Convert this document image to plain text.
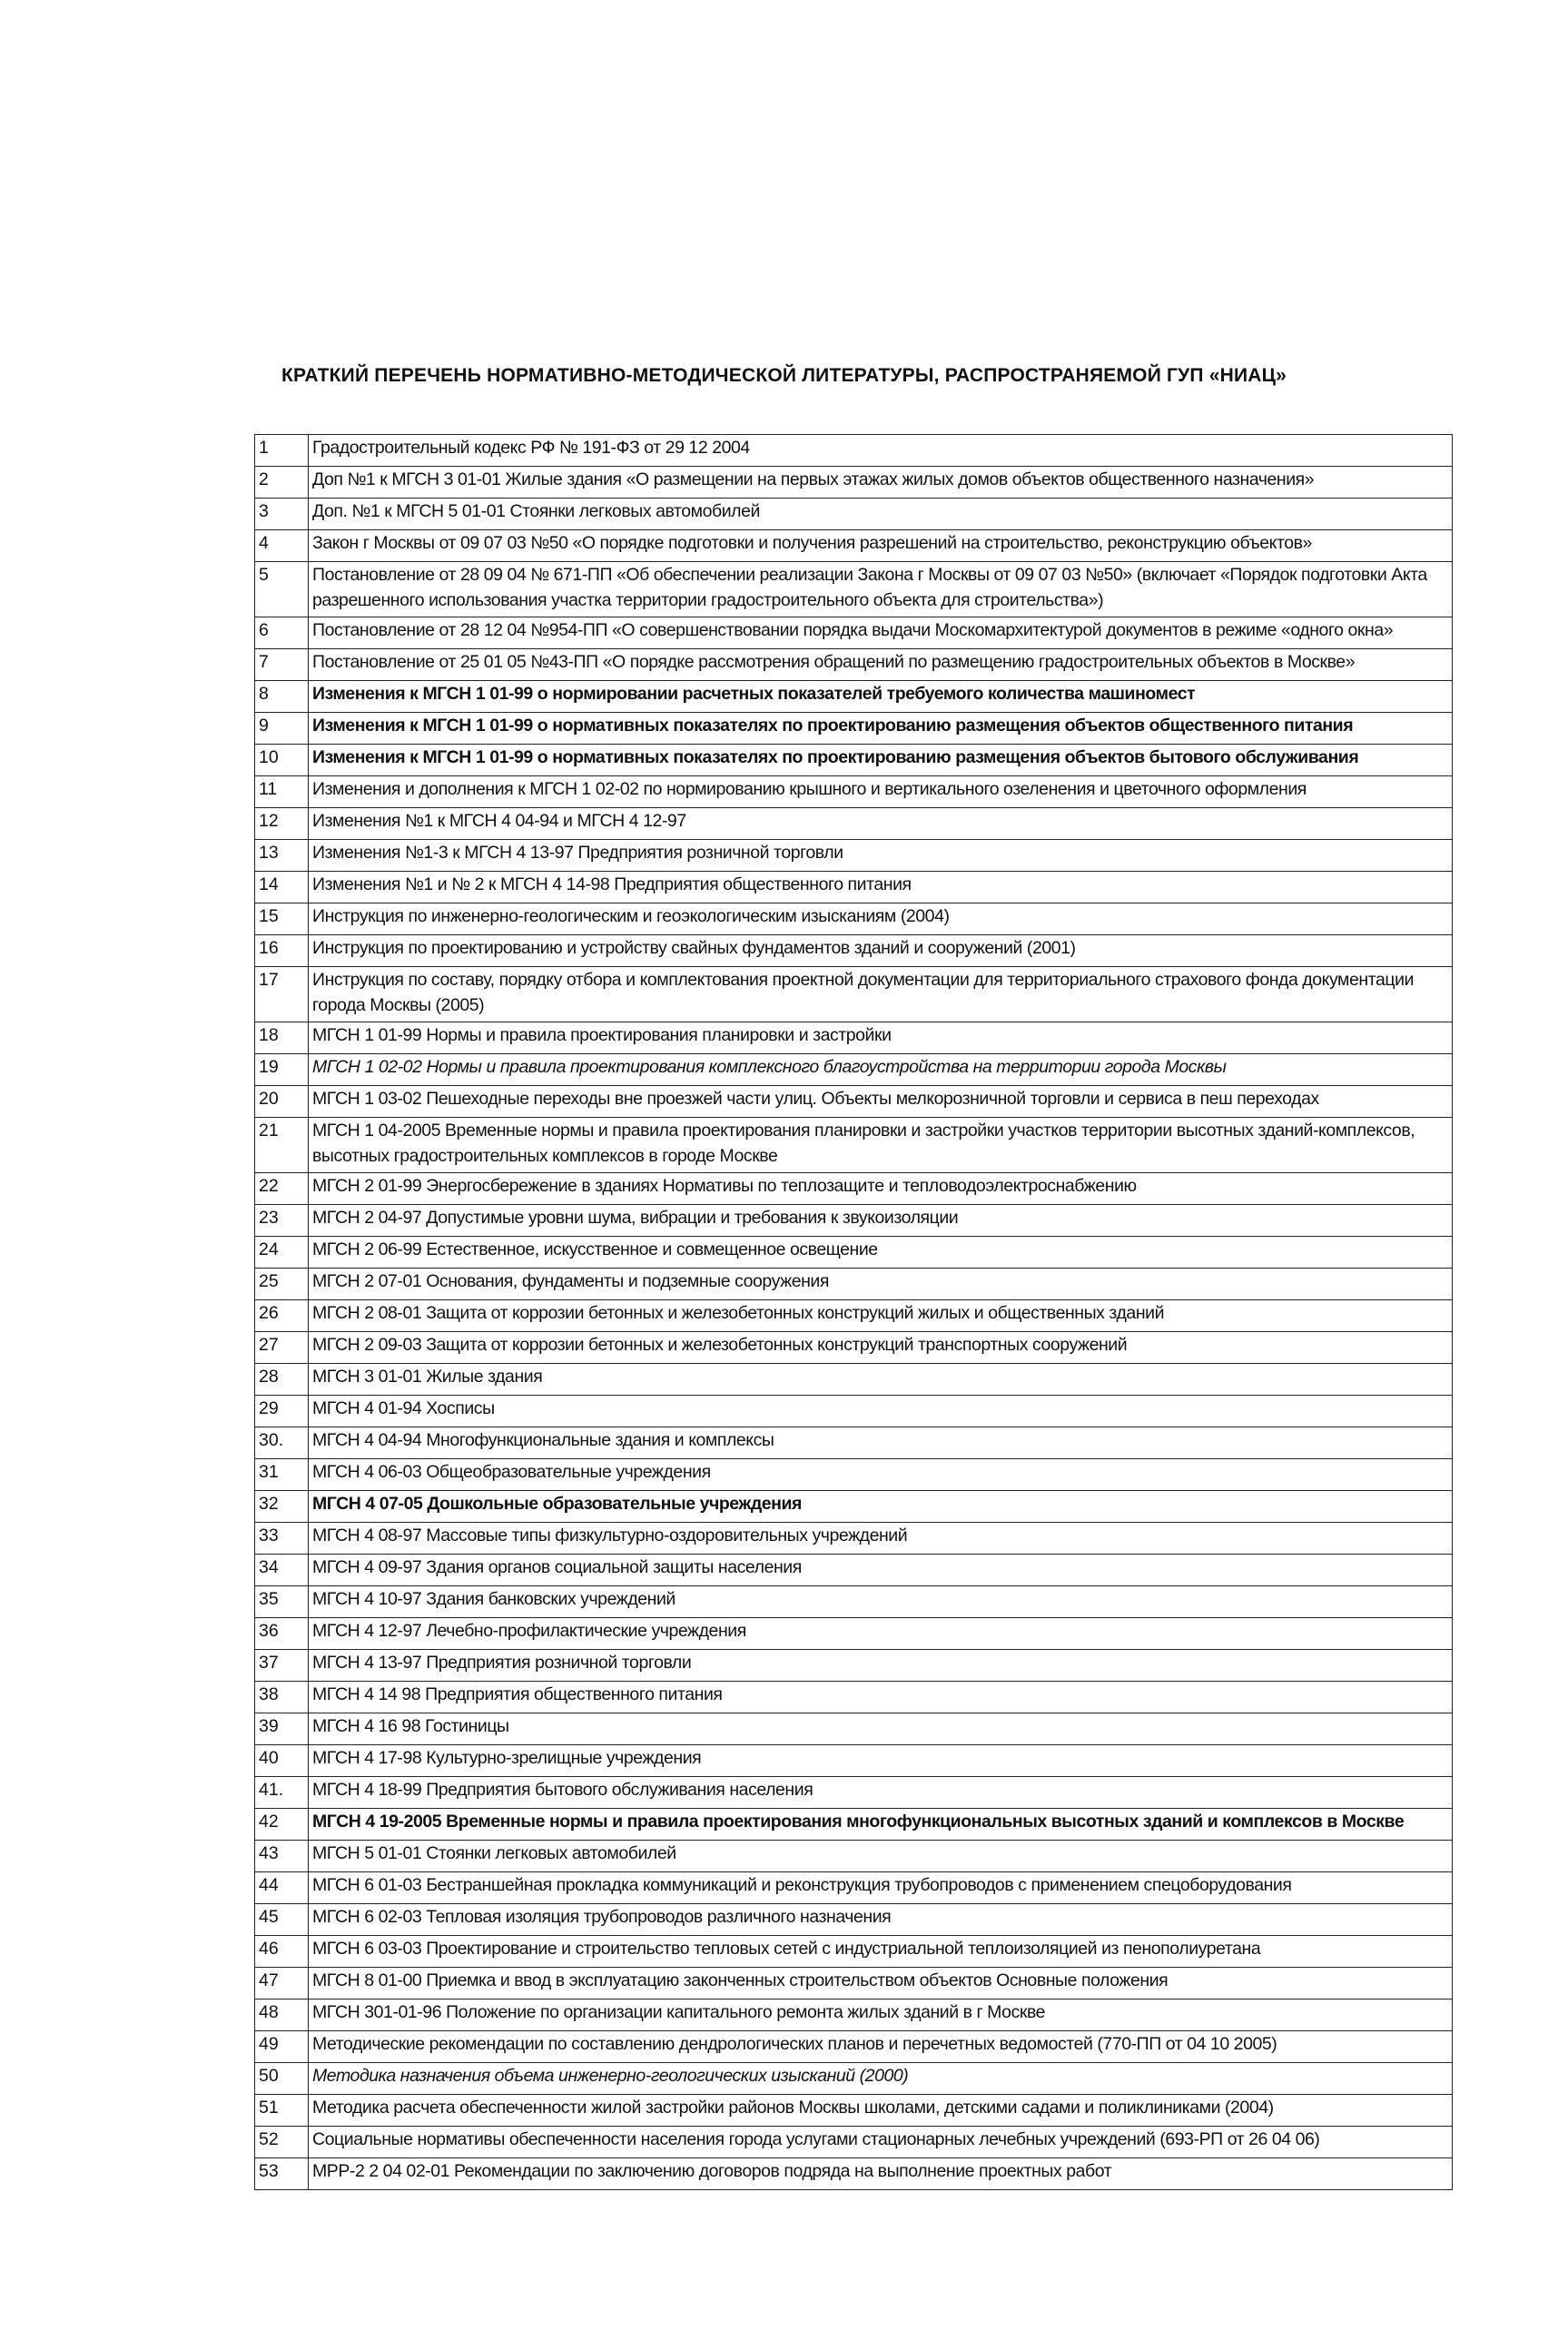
КРАТКИЙ ПЕРЕЧЕНЬ НОРМАТИВНО-МЕТОДИЧЕСКОЙ ЛИТЕРАТУРЫ, РАСПРОСТРАНЯЕМОЙ ГУП «НИАЦ»
1	Градостроительный кодекс РФ № 191-ФЗ от 29 12 2004
2	Доп №1 к МГСН 3 01-01 Жилые здания «О размещении на первых этажах жилых домов объектов общественного назначения»
3	Доп. №1 к МГСН 5 01-01 Стоянки легковых автомобилей
4	Закон г Москвы от 09 07 03 №50 «О порядке подготовки и получения разрешений на строительство, реконструкцию объектов»
5	Постановление от 28 09 04 № 671-ПП «Об обеспечении реализации Закона г Москвы от 09 07 03 №50» (включает «Порядок подготовки Акта разрешенного использования участка территории градостроительного объекта для строительства»)
6	Постановление от 28 12 04 №954-ПП «О совершенствовании порядка выдачи Москомархитектурой документов в режиме «одного окна»
7	Постановление от 25 01 05 №43-ПП «О порядке рассмотрения обращений по размещению градостроительных объектов в Москве»
8	Изменения к МГСН 1 01-99 о нормировании расчетных показателей требуемого количества машиномест
9	Изменения к МГСН 1 01-99 о нормативных показателях по проектированию размещения объектов общественного питания
10	Изменения к МГСН 1 01-99 о нормативных показателях по проектированию размещения объектов бытового обслуживания
11	Изменения и дополнения к МГСН 1 02-02 по нормированию крышного и вертикального озеленения и цветочного оформления
12	Изменения №1 к МГСН 4 04-94 и МГСН 4 12-97
13	Изменения №1-3 к МГСН 4 13-97 Предприятия розничной торговли
14	Изменения №1 и № 2 к МГСН 4 14-98 Предприятия общественного питания
15	Инструкция по инженерно-геологическим и геоэкологическим изысканиям (2004)
16	Инструкция по проектированию и устройству свайных фундаментов зданий и сооружений (2001)
17	Инструкция по составу, порядку отбора и комплектования проектной документации для территориального страхового фонда документации города Москвы (2005)
18	МГСН 1 01-99 Нормы и правила проектирования планировки и застройки
19	МГСН 1 02-02 Нормы и правила проектирования комплексного благоустройства на территории города Москвы
20	МГСН 1 03-02 Пешеходные переходы вне проезжей части улиц. Объекты мелкорозничной торговли и сервиса в пеш переходах
21	МГСН 1 04-2005 Временные нормы и правила проектирования планировки и застройки участков территории высотных зданий-комплексов, высотных градостроительных комплексов в городе Москве
22	МГСН 2 01-99 Энергосбережение в зданиях Нормативы по теплозащите и тепловодоэлектроснабжению
23	МГСН 2 04-97 Допустимые уровни шума, вибрации и требования к звукоизоляции
24	МГСН 2 06-99 Естественное, искусственное и совмещенное освещение
25	МГСН 2 07-01 Основания, фундаменты и подземные сооружения
26	МГСН 2 08-01 Защита от коррозии бетонных и железобетонных конструкций жилых и общественных зданий
27	МГСН 2 09-03 Защита от коррозии бетонных и железобетонных конструкций транспортных сооружений
28	МГСН 3 01-01 Жилые здания
29	МГСН 4 01-94 Хосписы
30.	МГСН 4 04-94 Многофункциональные здания и комплексы
31	МГСН 4 06-03 Общеобразовательные учреждения
32	МГСН 4 07-05 Дошкольные образовательные учреждения
33	МГСН 4 08-97 Массовые типы физкультурно-оздоровительных учреждений
34	МГСН 4 09-97 Здания органов социальной защиты населения
35	МГСН 4 10-97 Здания банковских учреждений
36	МГСН 4 12-97 Лечебно-профилактические учреждения
37	МГСН 4 13-97 Предприятия розничной торговли
38	МГСН 4 14 98 Предприятия общественного питания
39	МГСН 4 16 98 Гостиницы
40	МГСН 4 17-98 Культурно-зрелищные учреждения
41.	МГСН 4 18-99 Предприятия бытового обслуживания населения
42	МГСН 4 19-2005 Временные нормы и правила проектирования многофункциональных высотных зданий и комплексов в Москве
43	МГСН 5 01-01 Стоянки легковых автомобилей
44	МГСН 6 01-03 Бестраншейная прокладка коммуникаций и реконструкция трубопроводов с применением спецоборудования
45	МГСН 6 02-03 Тепловая изоляция трубопроводов различного назначения
46	МГСН 6 03-03 Проектирование и строительство тепловых сетей с индустриальной теплоизоляцией из пенополиуретана
47	МГСН 8 01-00 Приемка и ввод в эксплуатацию законченных строительством объектов Основные положения
48	МГСН 301-01-96 Положение по организации капитального ремонта жилых зданий в г Москве
49	Методические рекомендации по составлению дендрологических планов и перечетных ведомостей (770-ПП от 04 10 2005)
50	Методика назначения объема инженерно-геологических изысканий (2000)
51	Методика расчета обеспеченности жилой застройки районов Москвы школами, детскими садами и поликлиниками (2004)
52	Социальные нормативы обеспеченности населения города услугами стационарных лечебных учреждений (693-РП от 26 04 06)
53	МРР-2 2 04 02-01 Рекомендации по заключению договоров подряда на выполнение проектных работ
